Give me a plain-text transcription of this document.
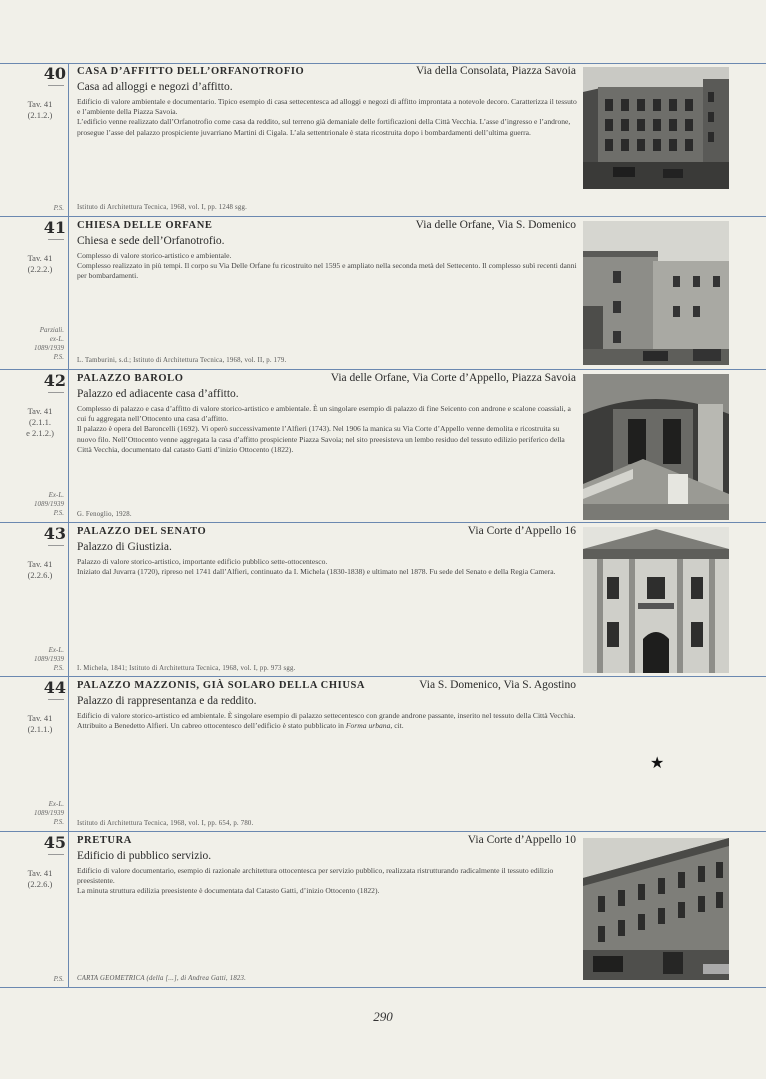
40
Tav. 41
(2.1.2.)
P.S.
CASA D’AFFITTO DELL’ORFANOTROFIO	Via della Consolata, Piazza Savoia
Casa ad alloggi e negozi d’affitto.

Edificio di valore ambientale e documentario. Tipico esempio di casa settecentesca ad alloggi e negozi di affitto improntata a notevole decoro. Caratterizza il tessuto e l’ambiente della Piazza Savoia.

L’edificio venne realizzato dall’Orfanotrofio come casa da reddito, sul terreno già demaniale delle fortificazioni della Città Vecchia. L’asse d’ingresso e l’androne, prosegue l’asse del palazzo prospiciente juvarriano Martini di Cigala. L’ala settentrionale è stata ricostruita dopo i bombardamenti dell’ultima guerra.

Istituto di Architettura Tecnica, 1968, vol. I, pp. 1248 sgg.
41
Tav. 41
(2.2.2.)
Parziali.
ex-L.
1089/1939
P.S.
CHIESA DELLE ORFANE	Via delle Orfane, Via S. Domenico
Chiesa e sede dell’Orfanotrofio.

Complesso di valore storico-artistico e ambientale.

Complesso realizzato in più tempi. Il corpo su Via Delle Orfane fu ricostruito nel 1595 e ampliato nella seconda metà del Settecento. Il complesso subì recenti danni per bombardamenti.

L. Tamburini, s.d.; Istituto di Architettura Tecnica, 1968, vol. II, p. 179.
42
Tav. 41
(2.1.1.
e 2.1.2.)
Ex-L.
1089/1939
P.S.
PALAZZO BAROLO	Via delle Orfane, Via Corte d’Appello, Piazza Savoia
Palazzo ed adiacente casa d’affitto.

Complesso di palazzo e casa d’affitto di valore storico-artistico e ambientale. È un singolare esempio di palazzo di fine Seicento con androne e scalone coassiali, a cui fu aggregata nell’Ottocento una casa d’affitto.

Il palazzo è opera del Baroncelli (1692). Vi operò successivamente l’Alfieri (1743). Nel 1906 la manica su Via Corte d’Appello venne demolita e ricostruita su nuovo filo. Nell’Ottocento venne aggregata la casa d’affitto prospiciente Piazza Savoia; nel sito preesisteva un lembo residuo del tessuto edilizio periferico della Città Vecchia, documentato dal catasto Gatti d’inizio Ottocento (1822).

G. Fenoglio, 1928.
43
Tav. 41
(2.2.6.)
Ex-L.
1089/1939
P.S.
PALAZZO DEL SENATO	Via Corte d’Appello 16
Palazzo di Giustizia.

Palazzo di valore storico-artistico, importante edificio pubblico sette-ottocentesco.

Iniziato dal Juvarra (1720), ripreso nel 1741 dall’Alfieri, continuato da I. Michela (1830-1838) e ultimato nel 1878. Fu sede del Senato e della Regia Camera.

I. Michela, 1841; Istituto di Architettura Tecnica, 1968, vol. I, pp. 973 sgg.
44
Tav. 41
(2.1.1.)
Ex-L.
1089/1939
P.S.
PALAZZO MAZZONIS, GIÀ SOLARO DELLA CHIUSA	Via S. Domenico, Via S. Agostino
Palazzo di rappresentanza e da reddito.

Edificio di valore storico-artistico ed ambientale. È singolare esempio di palazzo settecentesco con grande androne passante, inserito nel tessuto della Città Vecchia.

Attribuito a Benedetto Alfieri. Un cabreo ottocentesco dell’edificio è stato pubblicato in Forma urbana, cit.

Istituto di Architettura Tecnica, 1968, vol. I, pp. 654, p. 780.
★
45
Tav. 41
(2.2.6.)
P.S.
PRETURA	Via Corte d’Appello 10
Edificio di pubblico servizio.

Edificio di valore documentario, esempio di razionale architettura ottocentesca per servizio pubblico, realizzata ristrutturando radicalmente il tessuto edilizio preesistente.

La minuta struttura edilizia preesistente è documentata dal Catasto Gatti, d’inizio Ottocento (1822).

CARTA GEOMETRICA (della [...], di Andrea Gatti, 1823.
290
